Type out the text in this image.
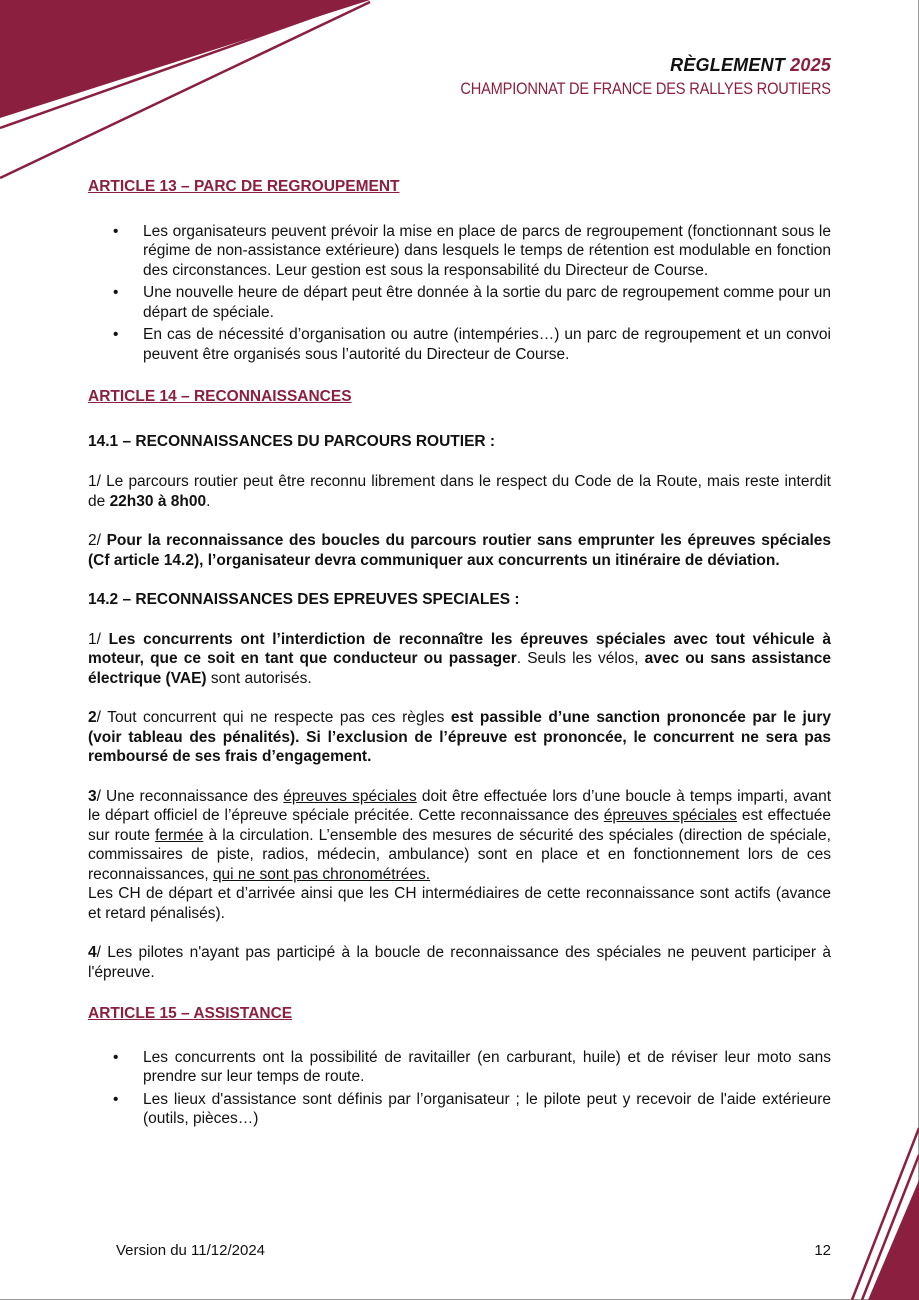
RÈGLEMENT 2025
CHAMPIONNAT DE FRANCE DES RALLYES ROUTIERS
ARTICLE 13 – PARC DE REGROUPEMENT
• Les organisateurs peuvent prévoir la mise en place de parcs de regroupement (fonctionnant sous le régime de non-assistance extérieure) dans lesquels le temps de rétention est modulable en fonction des circonstances. Leur gestion est sous la responsabilité du Directeur de Course.
• Une nouvelle heure de départ peut être donnée à la sortie du parc de regroupement comme pour un départ de spéciale.
• En cas de nécessité d’organisation ou autre (intempéries…) un parc de regroupement et un convoi peuvent être organisés sous l’autorité du Directeur de Course.
ARTICLE 14 – RECONNAISSANCES

14.1 – RECONNAISSANCES DU PARCOURS ROUTIER :

1/ Le parcours routier peut être reconnu librement dans le respect du Code de la Route, mais reste interdit de 22h30 à 8h00.

2/ Pour la reconnaissance des boucles du parcours routier sans emprunter les épreuves spéciales (Cf article 14.2), l’organisateur devra communiquer aux concurrents un itinéraire de déviation.

14.2 – RECONNAISSANCES DES EPREUVES SPECIALES :

1/ Les concurrents ont l’interdiction de reconnaître les épreuves spéciales avec tout véhicule à moteur, que ce soit en tant que conducteur ou passager. Seuls les vélos, avec ou sans assistance électrique (VAE) sont autorisés.

2/ Tout concurrent qui ne respecte pas ces règles est passible d’une sanction prononcée par le jury (voir tableau des pénalités). Si l’exclusion de l’épreuve est prononcée, le concurrent ne sera pas remboursé de ses frais d’engagement.

3/ Une reconnaissance des épreuves spéciales doit être effectuée lors d’une boucle à temps imparti, avant le départ officiel de l’épreuve spéciale précitée. Cette reconnaissance des épreuves spéciales est effectuée sur route fermée à la circulation. L’ensemble des mesures de sécurité des spéciales (direction de spéciale, commissaires de piste, radios, médecin, ambulance) sont en place et en fonctionnement lors de ces reconnaissances, qui ne sont pas chronométrées.

Les CH de départ et d’arrivée ainsi que les CH intermédiaires de cette reconnaissance sont actifs (avance et retard pénalisés).

4/ Les pilotes n'ayant pas participé à la boucle de reconnaissance des spéciales ne peuvent participer à l'épreuve.

ARTICLE 15 – ASSISTANCE
• Les concurrents ont la possibilité de ravitailler (en carburant, huile) et de réviser leur moto sans prendre sur leur temps de route.
• Les lieux d'assistance sont définis par l’organisateur ; le pilote peut y recevoir de l'aide extérieure (outils, pièces…)
Version du 11/12/2024	12
